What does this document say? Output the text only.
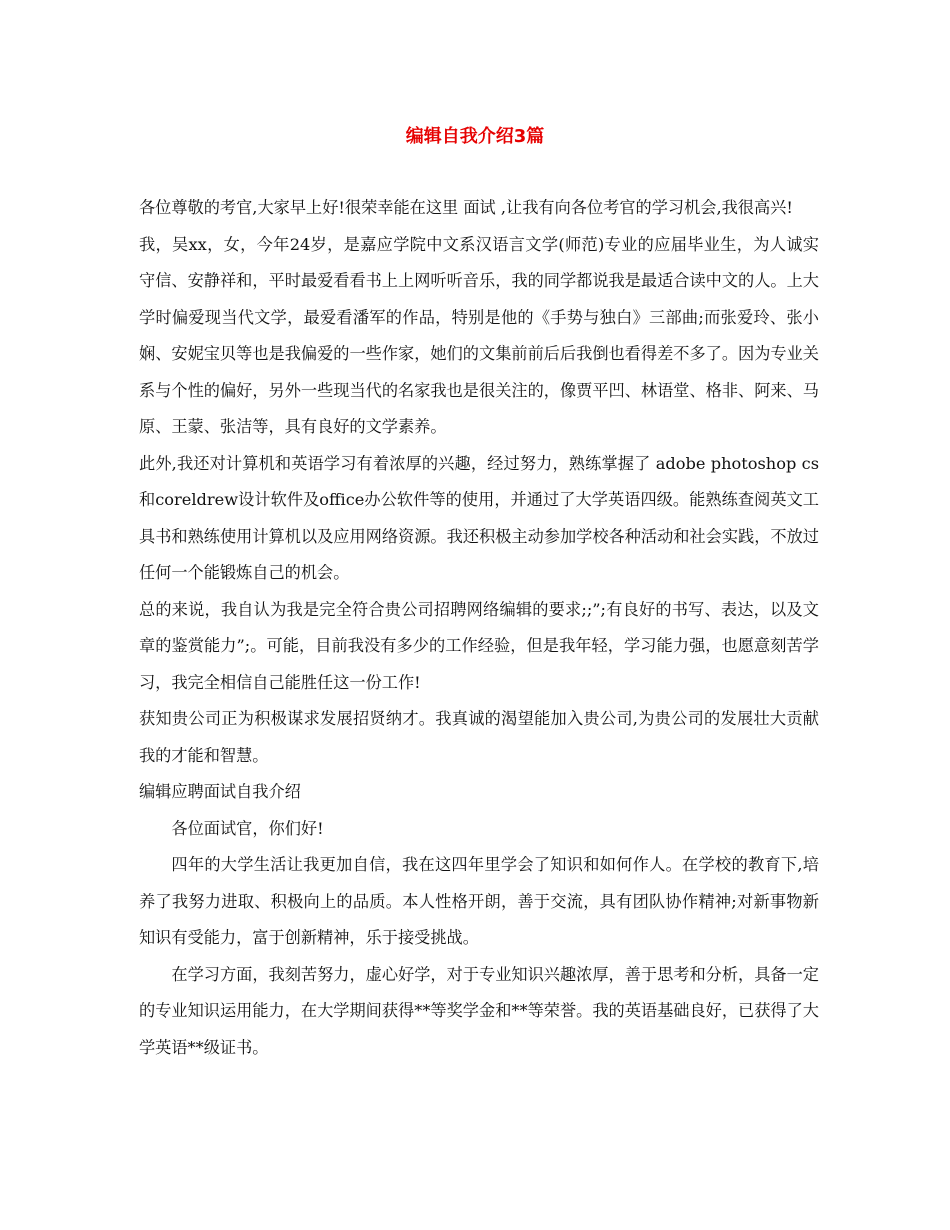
编辑自我介绍3篇

各位尊敬的考官,大家早上好!很荣幸能在这里 面试 ,让我有向各位考官的学习机会,我很高兴!

我，吴xx，女，今年24岁，是嘉应学院中文系汉语言文学(师范)专业的应届毕业生，为人诚实守信、安静祥和，平时最爱看看书上上网听听音乐，我的同学都说我是最适合读中文的人。上大学时偏爱现当代文学，最爱看潘军的作品，特别是他的《手势与独白》三部曲;而张爱玲、张小娴、安妮宝贝等也是我偏爱的一些作家，她们的文集前前后后我倒也看得差不多了。因为专业关系与个性的偏好，另外一些现当代的名家我也是很关注的，像贾平凹、林语堂、格非、阿来、马原、王蒙、张洁等，具有良好的文学素养。

此外,我还对计算机和英语学习有着浓厚的兴趣，经过努力，熟练掌握了 adobe photoshop cs和coreldrew设计软件及office办公软件等的使用，并通过了大学英语四级。能熟练查阅英文工具书和熟练使用计算机以及应用网络资源。我还积极主动参加学校各种活动和社会实践，不放过任何一个能锻炼自己的机会。

总的来说，我自认为我是完全符合贵公司招聘网络编辑的要求;;”;有良好的书写、表达，以及文章的鉴赏能力”;。可能，目前我没有多少的工作经验，但是我年轻，学习能力强，也愿意刻苦学习，我完全相信自己能胜任这一份工作!

获知贵公司正为积极谋求发展招贤纳才。我真诚的渴望能加入贵公司,为贵公司的发展壮大贡献我的才能和智慧。

编辑应聘面试自我介绍

各位面试官，你们好!

四年的大学生活让我更加自信，我在这四年里学会了知识和如何作人。在学校的教育下,培养了我努力进取、积极向上的品质。本人性格开朗，善于交流，具有团队协作精神;对新事物新知识有受能力，富于创新精神，乐于接受挑战。

在学习方面，我刻苦努力，虚心好学，对于专业知识兴趣浓厚，善于思考和分析，具备一定的专业知识运用能力，在大学期间获得**等奖学金和**等荣誉。我的英语基础良好，已获得了大学英语**级证书。
